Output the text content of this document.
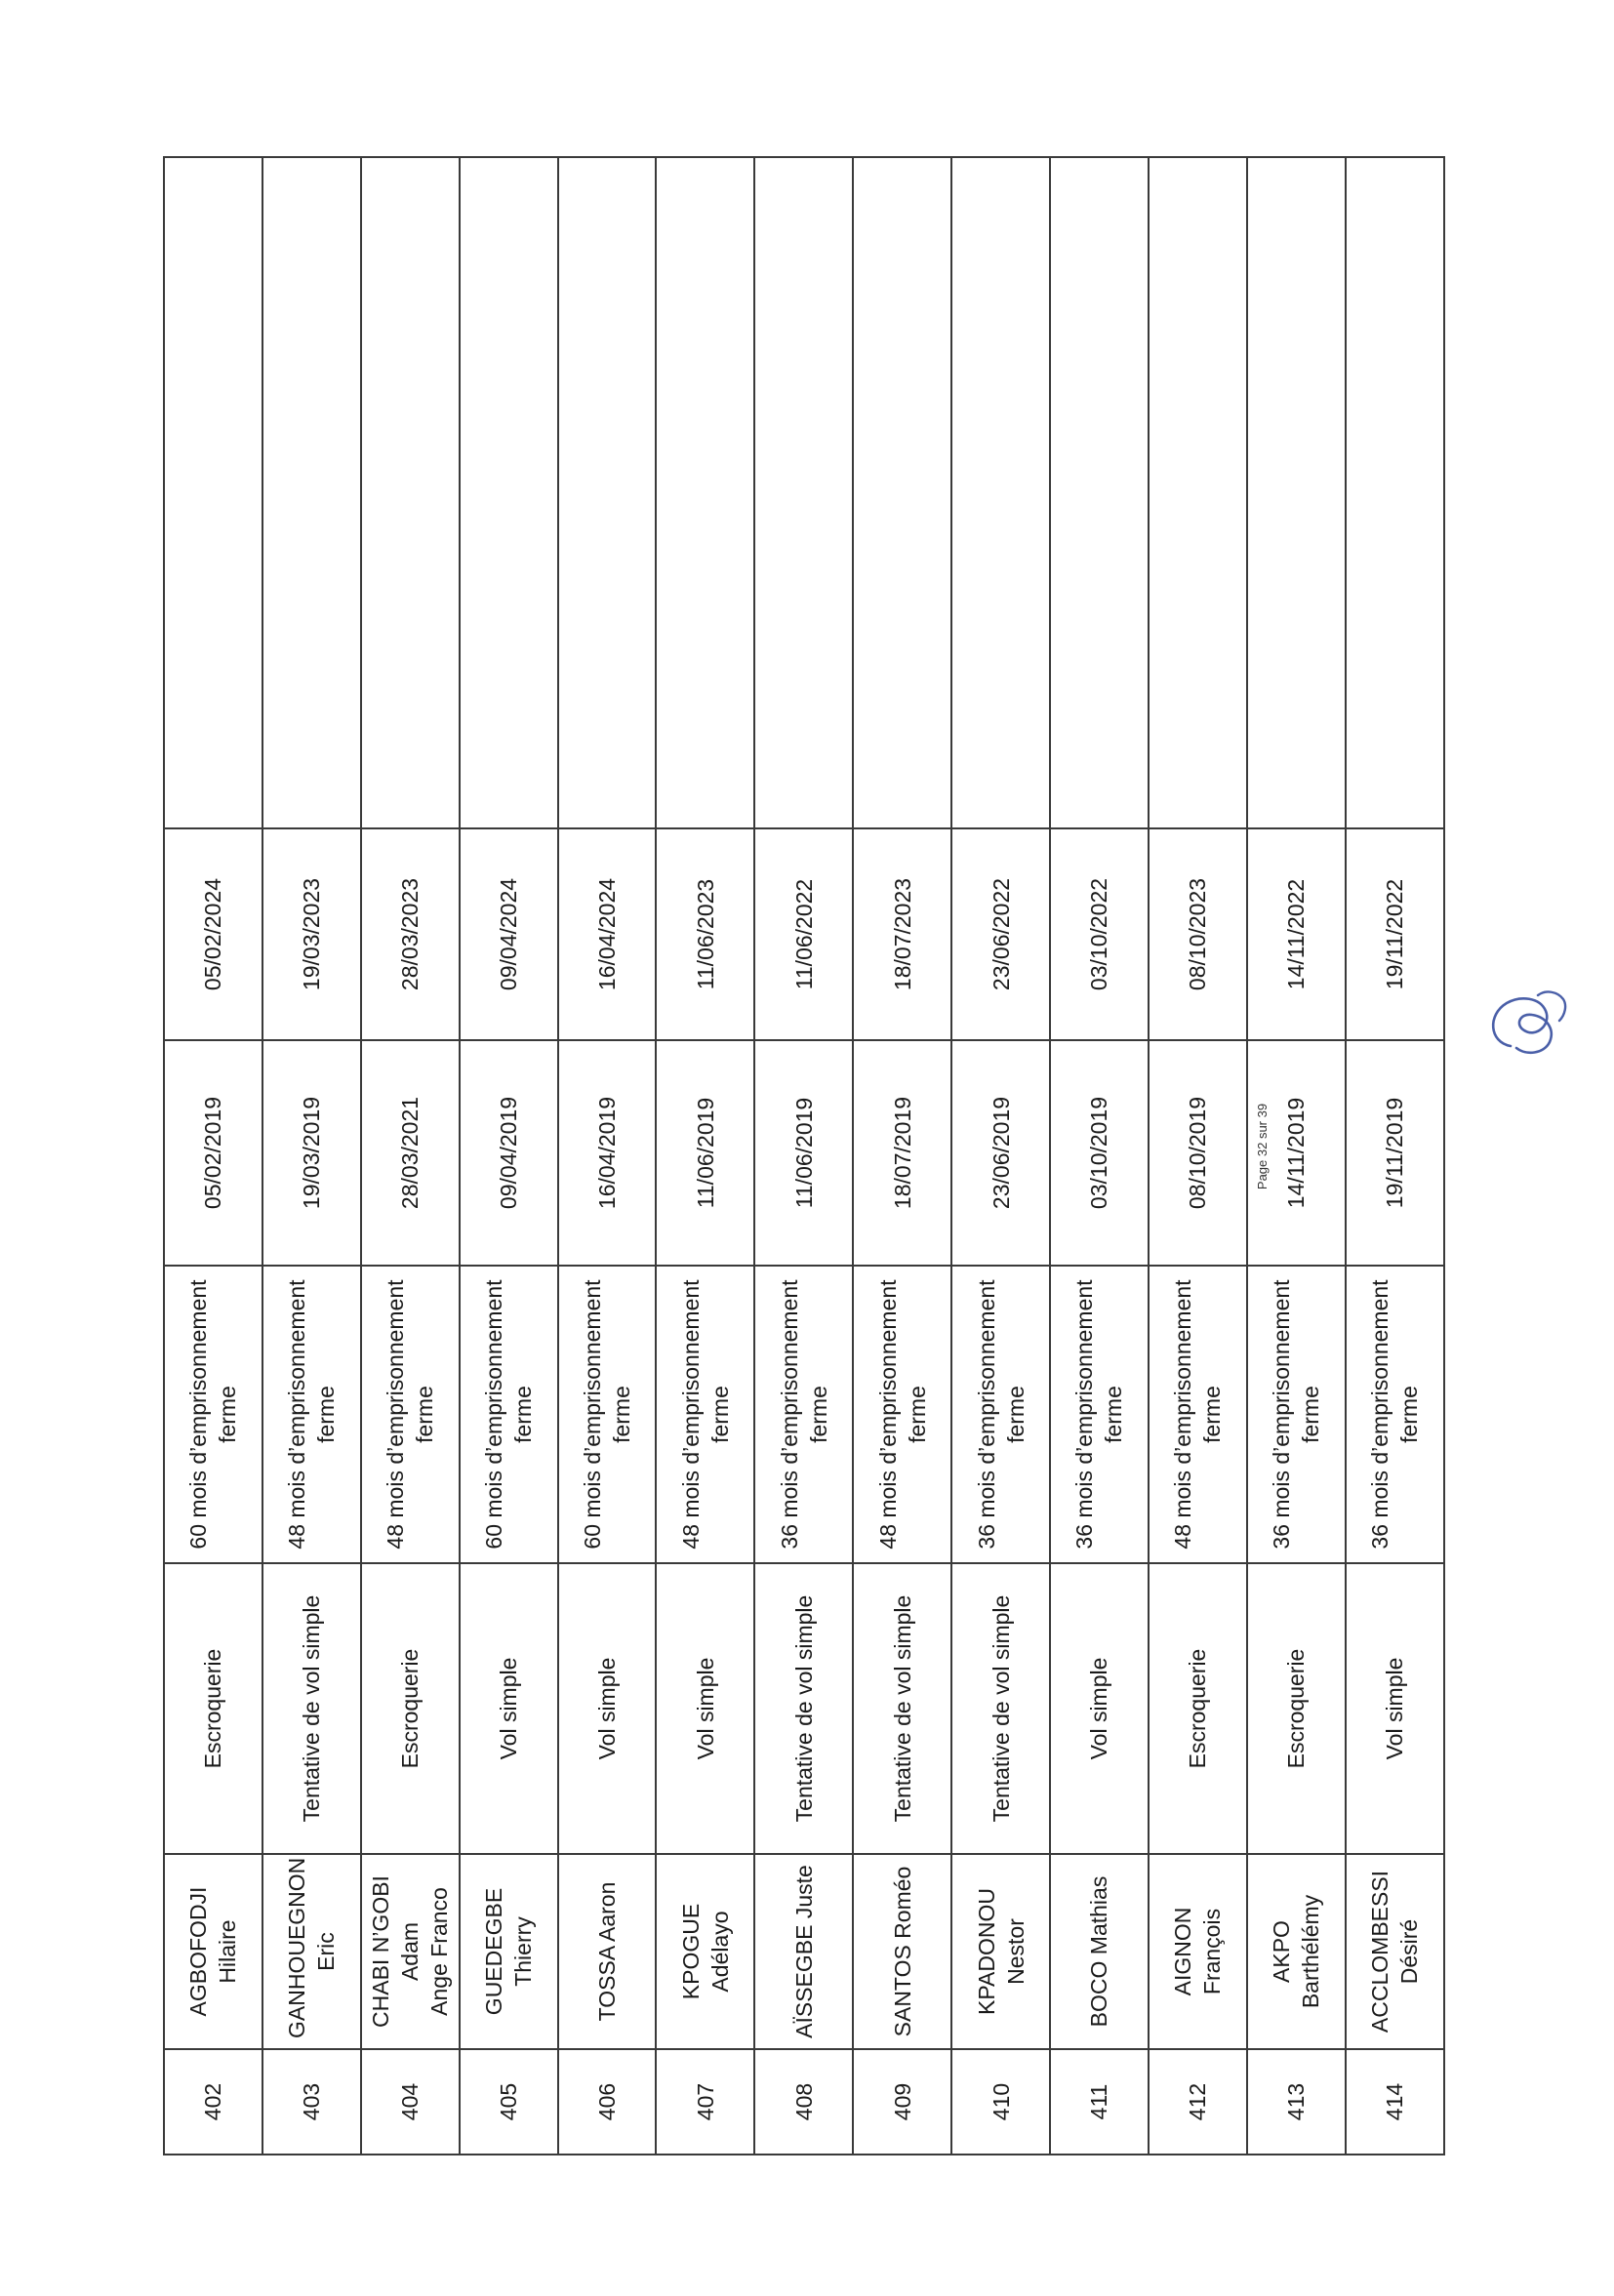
402	AGBOFODJI Hilaire	Escroquerie	60 mois d’emprisonnement ferme	05/02/2019	05/02/2024	
403	GANHOUEGNON Eric	Tentative de vol simple	48 mois d’emprisonnement ferme	19/03/2019	19/03/2023	
404	CHABI N’GOBI Adam Ange Franco	Escroquerie	48 mois d’emprisonnement ferme	28/03/2021	28/03/2023	
405	GUEDEGBE Thierry	Vol simple	60 mois d’emprisonnement ferme	09/04/2019	09/04/2024	
406	TOSSA Aaron	Vol simple	60 mois d’emprisonnement ferme	16/04/2019	16/04/2024	
407	KPOGUE Adélayo	Vol simple	48 mois d’emprisonnement ferme	11/06/2019	11/06/2023	
408	AÏSSEGBE Juste	Tentative de vol simple	36 mois d’emprisonnement ferme	11/06/2019	11/06/2022	
409	SANTOS Roméo	Tentative de vol simple	48 mois d’emprisonnement ferme	18/07/2019	18/07/2023	
410	KPADONOU Nestor	Tentative de vol simple	36 mois d’emprisonnement ferme	23/06/2019	23/06/2022	
411	BOCO Mathias	Vol simple	36 mois d’emprisonnement ferme	03/10/2019	03/10/2022	
412	AIGNON François	Escroquerie	48 mois d’emprisonnement ferme	08/10/2019	08/10/2023	
413	AKPO Barthélémy	Escroquerie	36 mois d’emprisonnement ferme	14/11/2019	14/11/2022	
414	ACCLOMBESSI Désiré	Vol simple	36 mois d’emprisonnement ferme	19/11/2019	19/11/2022	
Page 32 sur 39
